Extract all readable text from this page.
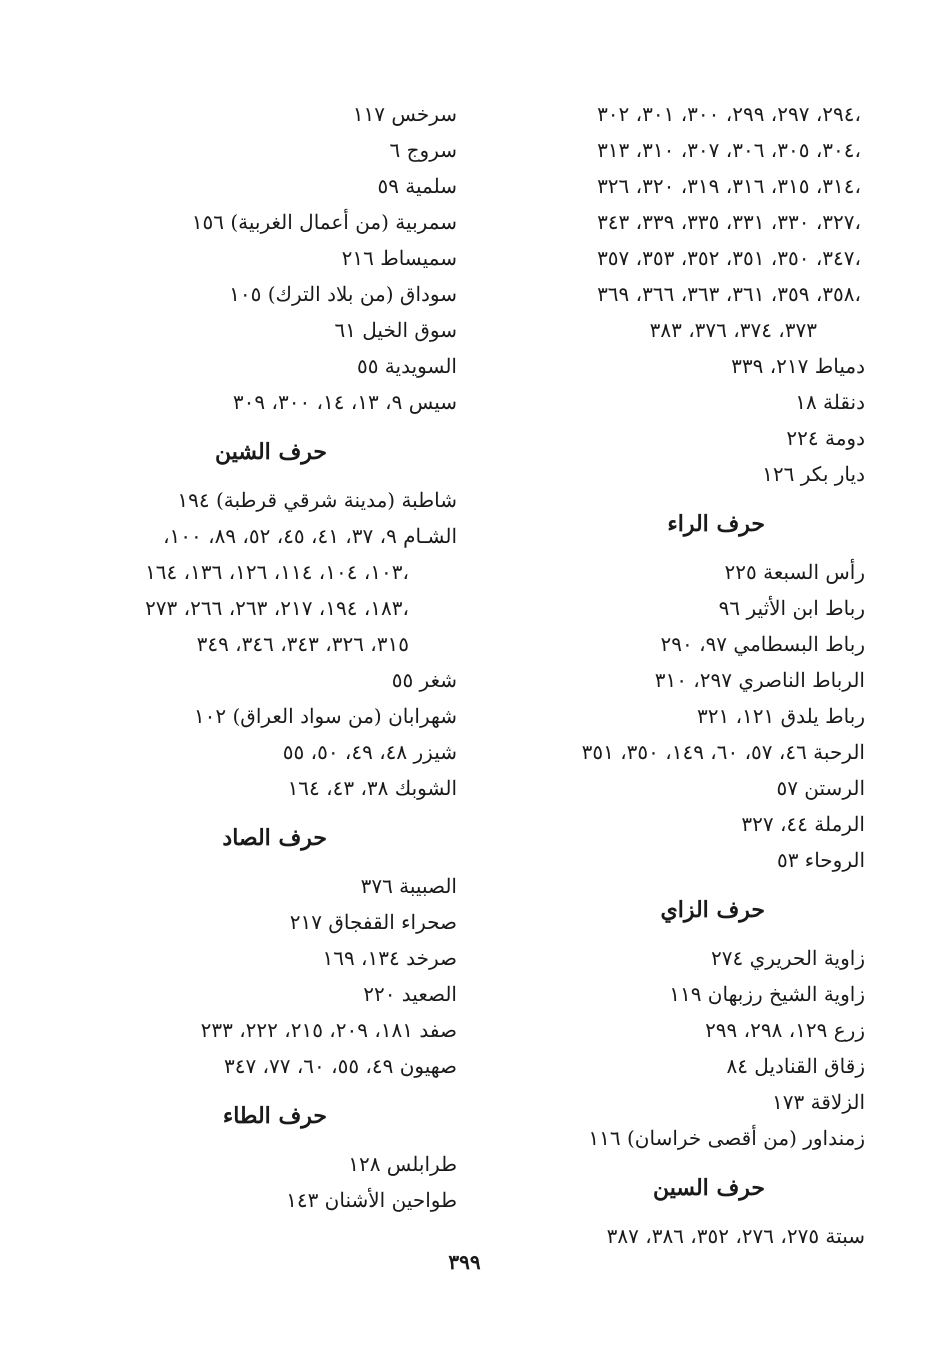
٢٩٤، ٢٩٧، ٢٩٩، ٣٠٠، ٣٠١، ٣٠٢،
٣٠٤، ٣٠٥، ٣٠٦، ٣٠٧، ٣١٠، ٣١٣،
٣١٤، ٣١٥، ٣١٦، ٣١٩، ٣٢٠، ٣٢٦،
٣٢٧، ٣٣٠، ٣٣١، ٣٣٥، ٣٣٩، ٣٤٣،
٣٤٧، ٣٥٠، ٣٥١، ٣٥٢، ٣٥٣، ٣٥٧،
٣٥٨، ٣٥٩، ٣٦١، ٣٦٣، ٣٦٦، ٣٦٩،
٣٧٣، ٣٧٤، ٣٧٦، ٣٨٣
دمياط ٢١٧، ٣٣٩
دنقلة ١٨
دومة ٢٢٤
ديار بكر ١٢٦
حرف الراء
رأس السبعة ٢٢٥
رباط ابن الأثير ٩٦
رباط البسطامي ٩٧، ٢٩٠
الرباط الناصري ٢٩٧، ٣١٠
رباط يلدق ١٢١، ٣٢١
الرحبة ٤٦، ٥٧، ٦٠، ١٤٩، ٣٥٠، ٣٥١
الرستن ٥٧
الرملة ٤٤، ٣٢٧
الروحاء ٥٣
حرف الزاي
زاوية الحريري ٢٧٤
زاوية الشيخ رزبهان ١١٩
زرع ١٢٩، ٢٩٨، ٢٩٩
زقاق القناديل ٨٤
الزلاقة ١٧٣
زمنداور (من أقصى خراسان) ١١٦
حرف السين
سبتة ٢٧٥، ٢٧٦، ٣٥٢، ٣٨٦، ٣٨٧
سرخس ١١٧
سروج ٦
سلمية ٥٩
سمربية (من أعمال الغربية) ١٥٦
سميساط ٢١٦
سوداق (من بلاد الترك) ١٠٥
سوق الخيل ٦١
السويدية ٥٥
سيس ٩، ١٣، ١٤، ٣٠٠، ٣٠٩
حرف الشين
شاطبة (مدينة شرقي قرطبة) ١٩٤
الشـام ٩، ٣٧، ٤١، ٤٥، ٥٢، ٨٩، ١٠٠،
١٠٣، ١٠٤، ١١٤، ١٢٦، ١٣٦، ١٦٤،
١٨٣، ١٩٤، ٢١٧، ٢٦٣، ٢٦٦، ٢٧٣،
٣١٥، ٣٢٦، ٣٤٣، ٣٤٦، ٣٤٩
شغر ٥٥
شهرابان (من سواد العراق) ١٠٢
شيزر ٤٨، ٤٩، ٥٠، ٥٥
الشوبك ٣٨، ٤٣، ١٦٤
حرف الصاد
الصبيبة ٣٧٦
صحراء القفجاق ٢١٧
صرخد ١٣٤، ١٦٩
الصعيد ٢٢٠
صفد ١٨١، ٢٠٩، ٢١٥، ٢٢٢، ٢٣٣
صهيون ٤٩، ٥٥، ٦٠، ٧٧، ٣٤٧
حرف الطاء
طرابلس ١٢٨
طواحين الأشنان ١٤٣
٣٩٩
